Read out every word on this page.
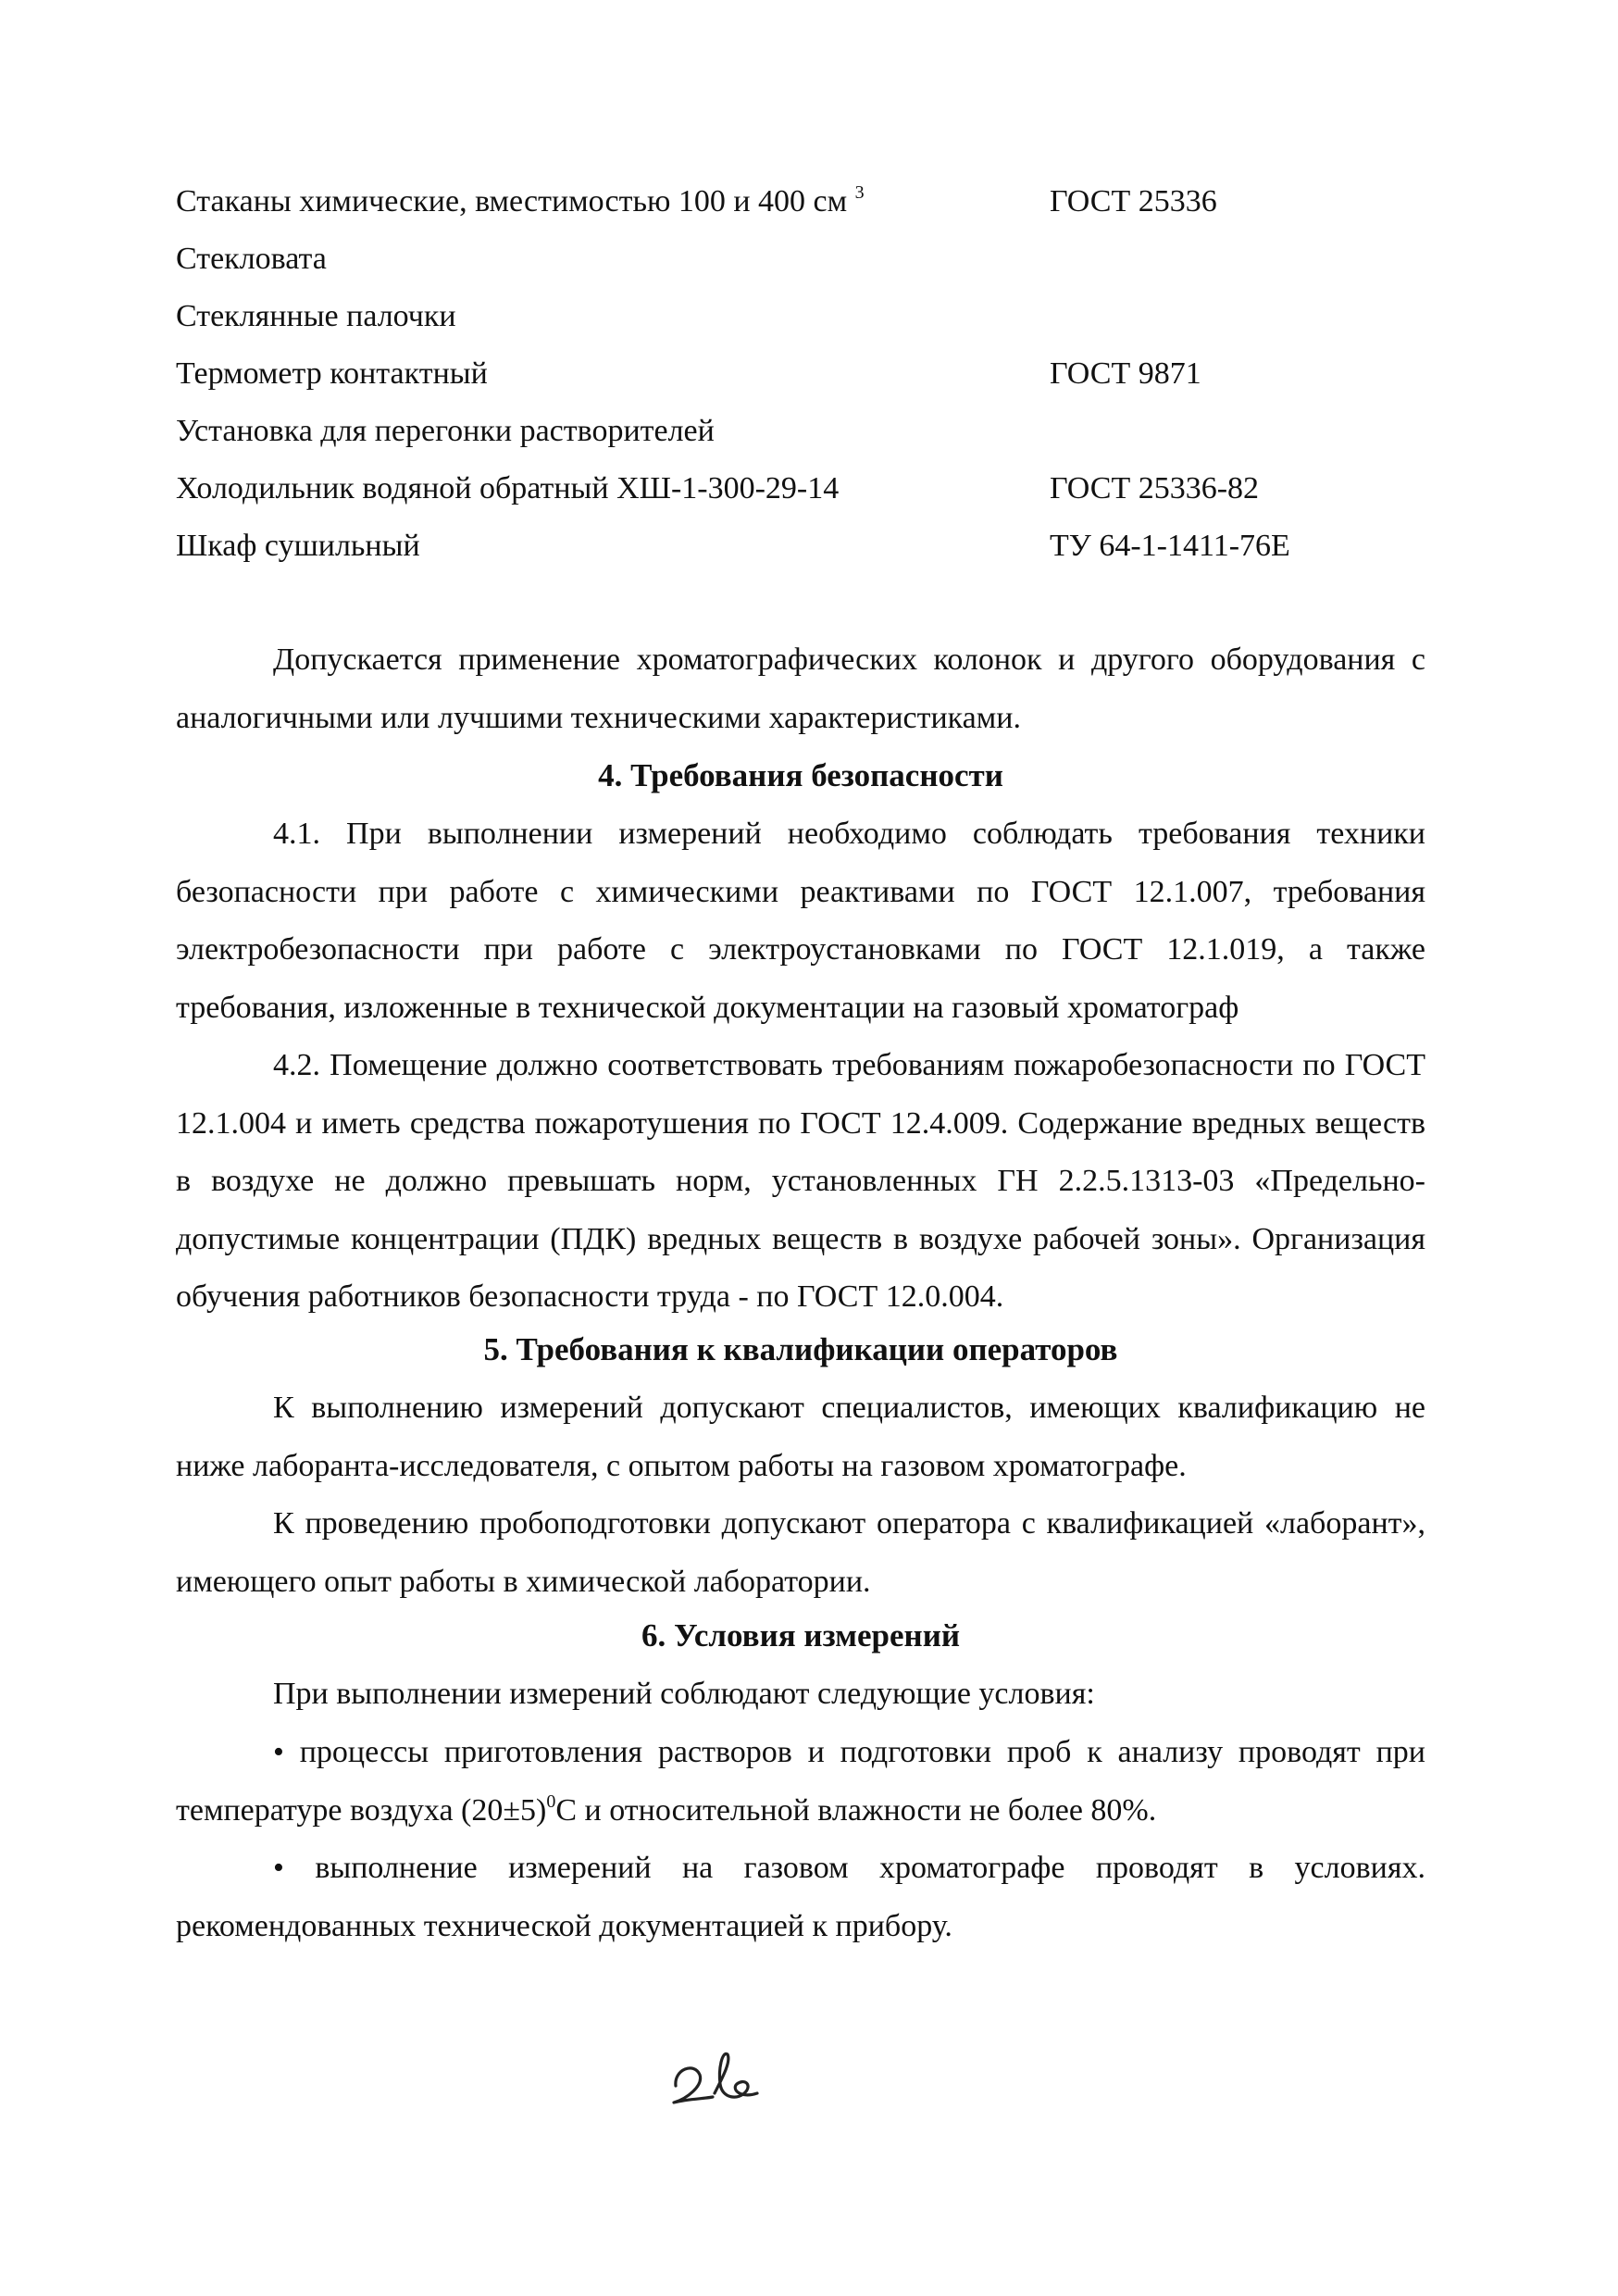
Стаканы химические, вместимостью 100 и 400 см $^3$	ГОСТ 25336
Стекловата
Стеклянные палочки
Термометр контактный	ГОСТ 9871
Установка для перегонки растворителей
Холодильник водяной обратный ХШ-1-300-29-14	ГОСТ 25336-82
Шкаф сушильный	ТУ 64-1-1411-76Е

Допускается применение хроматографических колонок и другого оборудования с аналогичными или лучшими техническими характеристиками.

4. Требования безопасности

4.1. При выполнении измерений необходимо соблюдать требования техники безопасности при работе с химическими реактивами по ГОСТ 12.1.007, требования электробезопасности при работе с электроустановками по ГОСТ 12.1.019, а также требования, изложенные в технической документации на газовый хроматограф

4.2. Помещение должно соответствовать требованиям пожаробезопасности по ГОСТ 12.1.004 и иметь средства пожаротушения по ГОСТ 12.4.009. Содержание вредных веществ в воздухе не должно превышать норм, установленных ГН 2.2.5.1313-03 «Предельно-допустимые концентрации (ПДК) вредных веществ в воздухе рабочей зоны». Организация обучения работников безопасности труда - по ГОСТ 12.0.004.

5. Требования к квалификации операторов

К выполнению измерений допускают специалистов, имеющих квалификацию не ниже лаборанта-исследователя, с опытом работы на газовом хроматографе.

К проведению пробоподготовки допускают оператора с квалификацией «лаборант», имеющего опыт работы в химической лаборатории.

6. Условия измерений

При выполнении измерений соблюдают следующие условия:

• процессы приготовления растворов и подготовки проб к анализу проводят при температуре воздуха $(20\pm 5)^0С$ и относительной влажности не более 80%.

• выполнение измерений на газовом хроматографе проводят в условиях. рекомендованных технической документацией к прибору.
